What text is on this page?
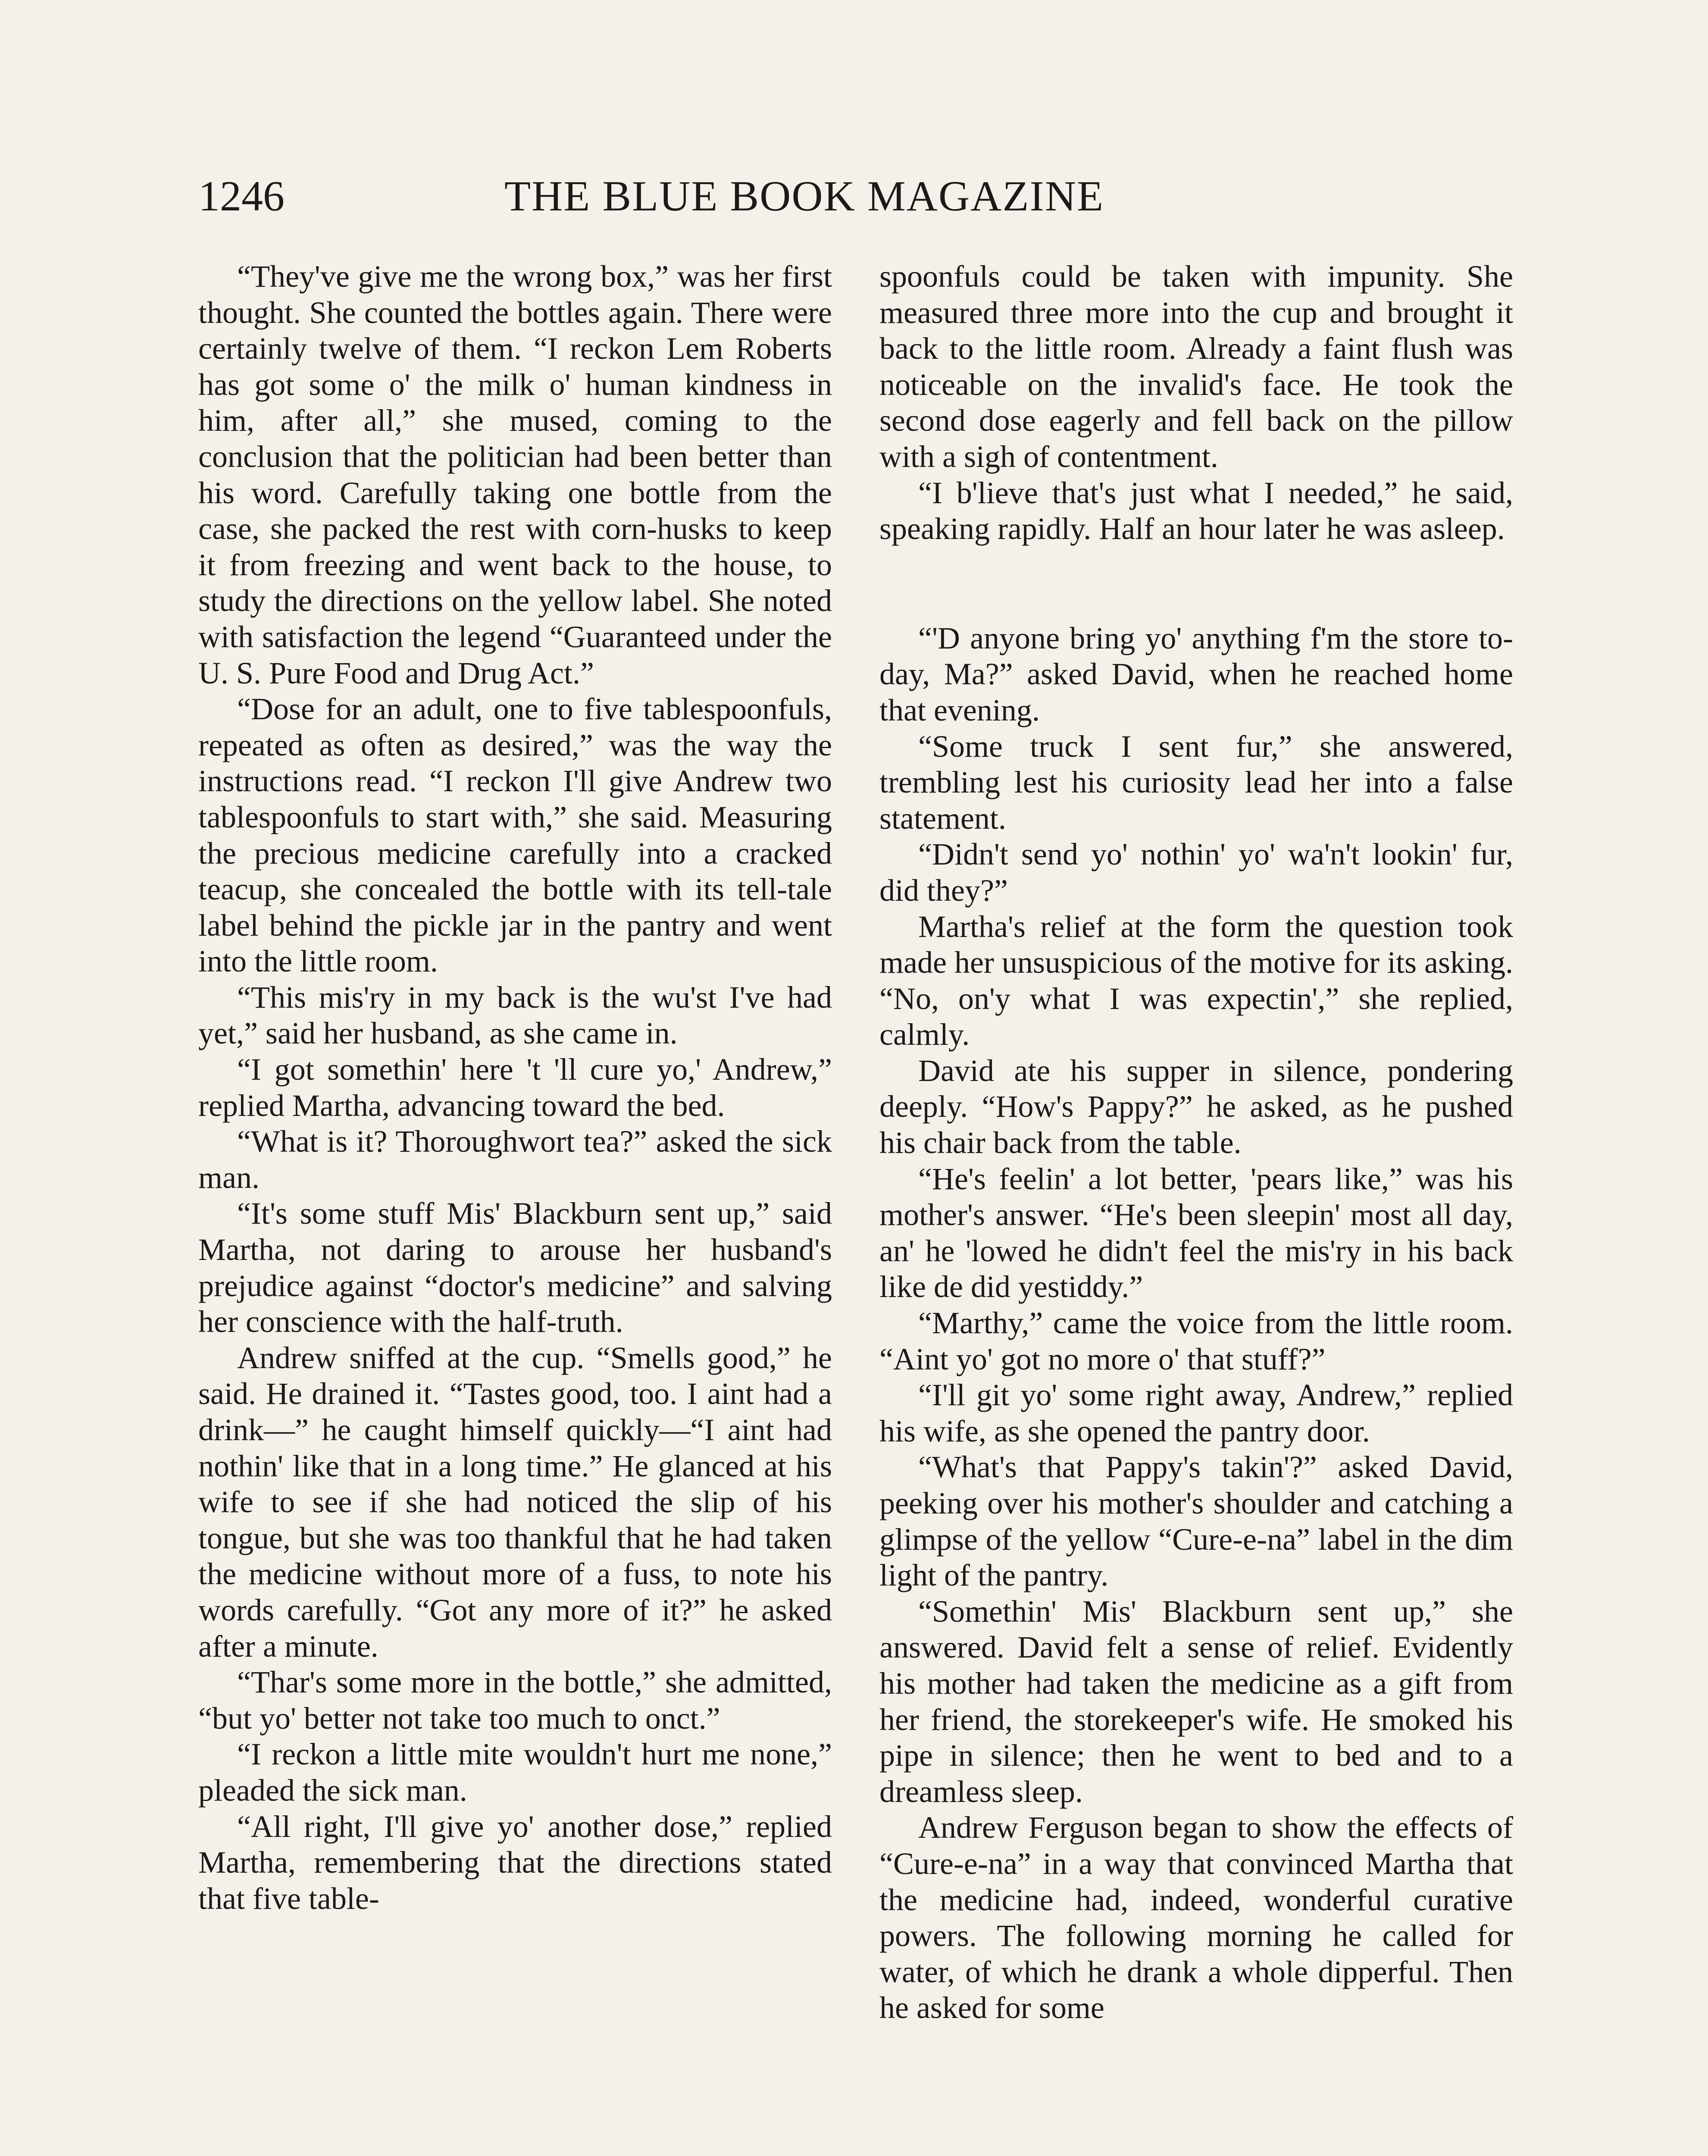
1246	THE BLUE BOOK MAGAZINE

“They've give me the wrong box,” was her first thought. She counted the bottles again. There were certainly twelve of them. “I reckon Lem Roberts has got some o' the milk o' human kindness in him, after all,” she mused, coming to the conclusion that the politician had been better than his word. Carefully taking one bottle from the case, she packed the rest with corn-husks to keep it from freezing and went back to the house, to study the directions on the yellow label. She noted with satisfaction the legend “Guaranteed under the U. S. Pure Food and Drug Act.”

“Dose for an adult, one to five tablespoonfuls, repeated as often as desired,” was the way the instructions read. “I reckon I'll give Andrew two tablespoonfuls to start with,” she said. Measuring the precious medicine carefully into a cracked teacup, she concealed the bottle with its tell-tale label behind the pickle jar in the pantry and went into the little room.

“This mis'ry in my back is the wu'st I've had yet,” said her husband, as she came in.

“I got somethin' here 't 'll cure yo,' Andrew,” replied Martha, advancing toward the bed.

“What is it? Thoroughwort tea?” asked the sick man.

“It's some stuff Mis' Blackburn sent up,” said Martha, not daring to arouse her husband's prejudice against “doctor's medicine” and salving her conscience with the half-truth.

Andrew sniffed at the cup. “Smells good,” he said. He drained it. “Tastes good, too. I aint had a drink—” he caught himself quickly—“I aint had nothin' like that in a long time.” He glanced at his wife to see if she had noticed the slip of his tongue, but she was too thankful that he had taken the medicine without more of a fuss, to note his words carefully. “Got any more of it?” he asked after a minute.

“Thar's some more in the bottle,” she admitted, “but yo' better not take too much to onct.”

“I reckon a little mite wouldn't hurt me none,” pleaded the sick man.

“All right, I'll give yo' another dose,” replied Martha, remembering that the directions stated that five table-

spoonfuls could be taken with impunity. She measured three more into the cup and brought it back to the little room. Already a faint flush was noticeable on the invalid's face. He took the second dose eagerly and fell back on the pillow with a sigh of contentment.

“I b'lieve that's just what I needed,” he said, speaking rapidly. Half an hour later he was asleep.

“'D anyone bring yo' anything f'm the store to-day, Ma?” asked David, when he reached home that evening.

“Some truck I sent fur,” she answered, trembling lest his curiosity lead her into a false statement.

“Didn't send yo' nothin' yo' wa'n't lookin' fur, did they?”

Martha's relief at the form the question took made her unsuspicious of the motive for its asking. “No, on'y what I was expectin',” she replied, calmly.

David ate his supper in silence, pondering deeply. “How's Pappy?” he asked, as he pushed his chair back from the table.

“He's feelin' a lot better, 'pears like,” was his mother's answer. “He's been sleepin' most all day, an' he 'lowed he didn't feel the mis'ry in his back like de did yestiddy.”

“Marthy,” came the voice from the little room. “Aint yo' got no more o' that stuff?”

“I'll git yo' some right away, Andrew,” replied his wife, as she opened the pantry door.

“What's that Pappy's takin'?” asked David, peeking over his mother's shoulder and catching a glimpse of the yellow “Cure-e-na” label in the dim light of the pantry.

“Somethin' Mis' Blackburn sent up,” she answered. David felt a sense of relief. Evidently his mother had taken the medicine as a gift from her friend, the storekeeper's wife. He smoked his pipe in silence; then he went to bed and to a dreamless sleep.

Andrew Ferguson began to show the effects of “Cure-e-na” in a way that convinced Martha that the medicine had, indeed, wonderful curative powers. The following morning he called for water, of which he drank a whole dipperful. Then he asked for some
